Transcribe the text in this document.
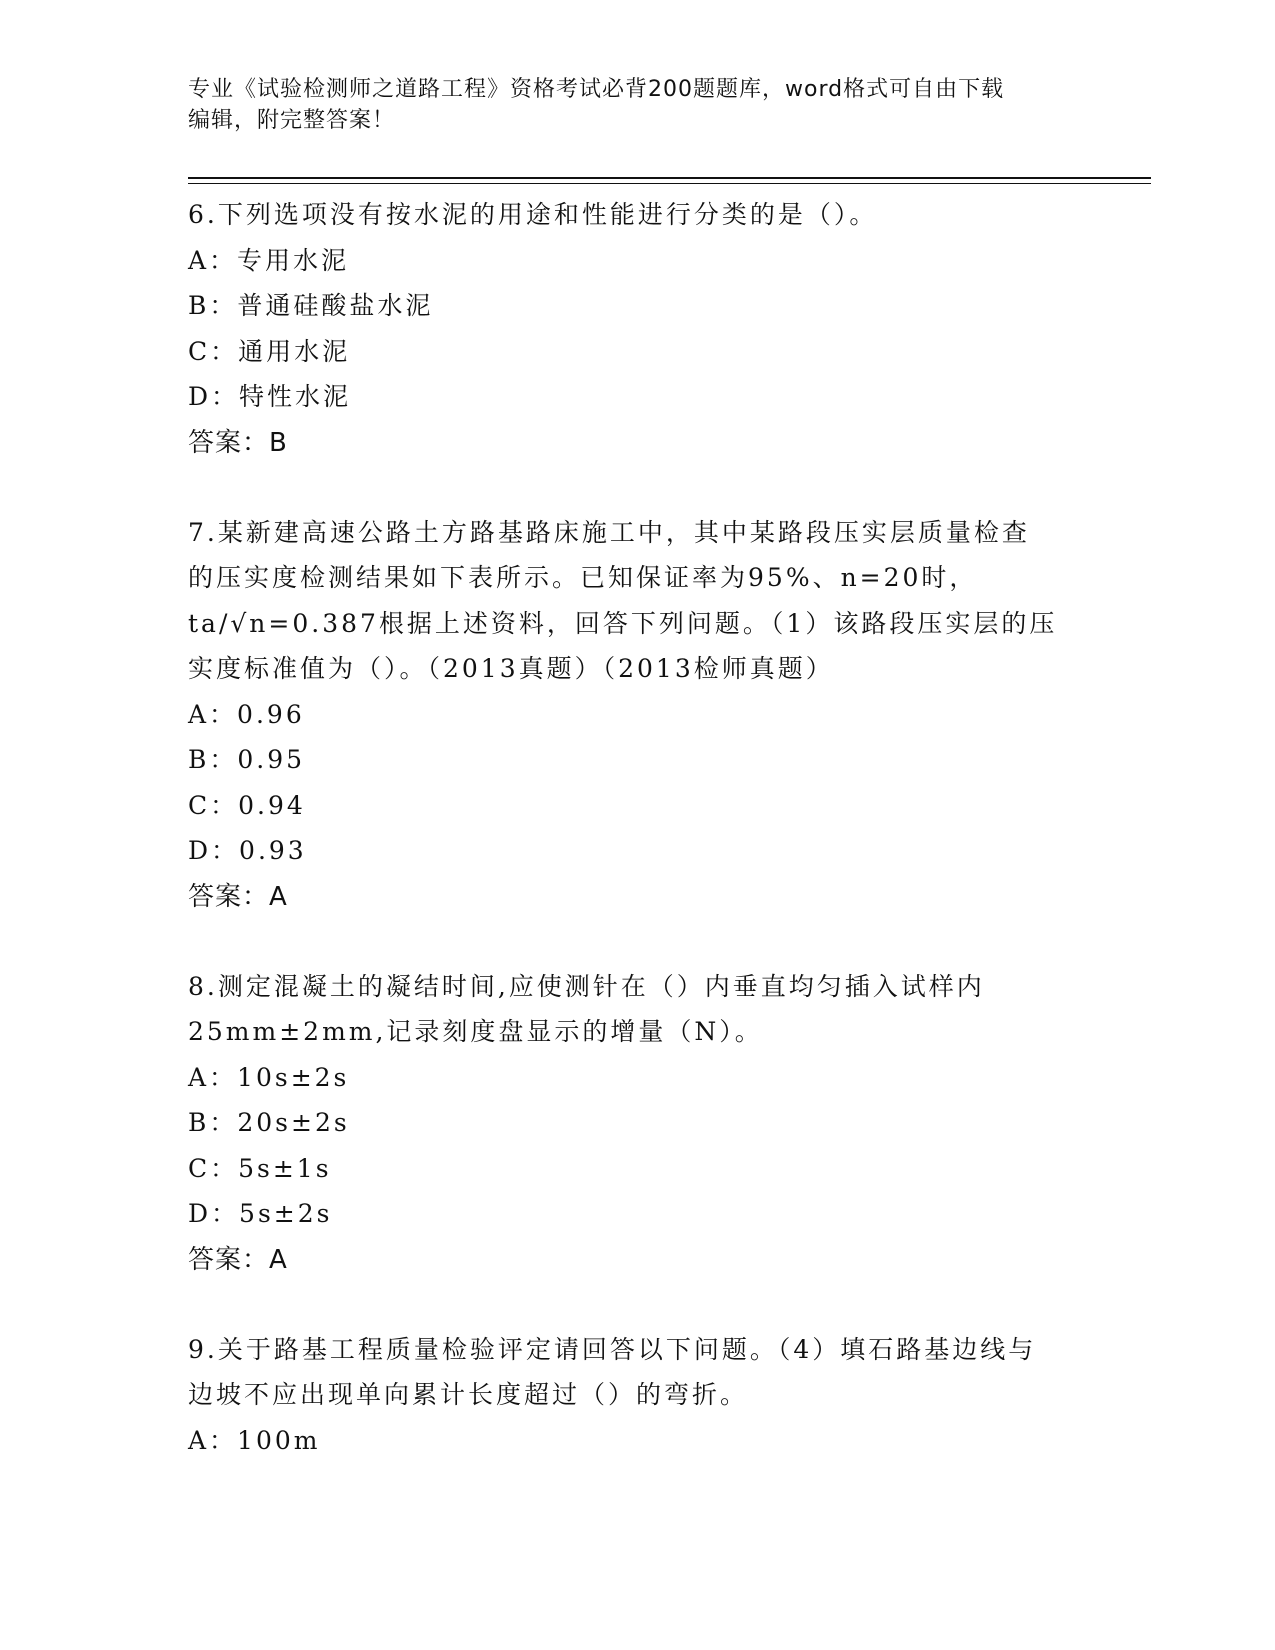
专业《试验检测师之道路工程》资格考试必背200题题库，word格式可自由下载
编辑，附完整答案！
6.下列选项没有按水泥的用途和性能进行分类的是（）。
A：专用水泥
B：普通硅酸盐水泥
C：通用水泥
D：特性水泥
答案：B
7.某新建高速公路土方路基路床施工中，其中某路段压实层质量检查
的压实度检测结果如下表所示。已知保证率为95%、n=20时，
ta/√n=0.387根据上述资料，回答下列问题。（1）该路段压实层的压
实度标准值为（）。（2013真题）（2013检师真题）
A：0.96
B：0.95
C：0.94
D：0.93
答案：A
8.测定混凝土的凝结时间,应使测针在（）内垂直均匀插入试样内
25mm±2mm,记录刻度盘显示的增量（N）。
A：10s±2s
B：20s±2s
C：5s±1s
D：5s±2s
答案：A
9.关于路基工程质量检验评定请回答以下问题。（4）填石路基边线与
边坡不应出现单向累计长度超过（）的弯折。
A：100m
